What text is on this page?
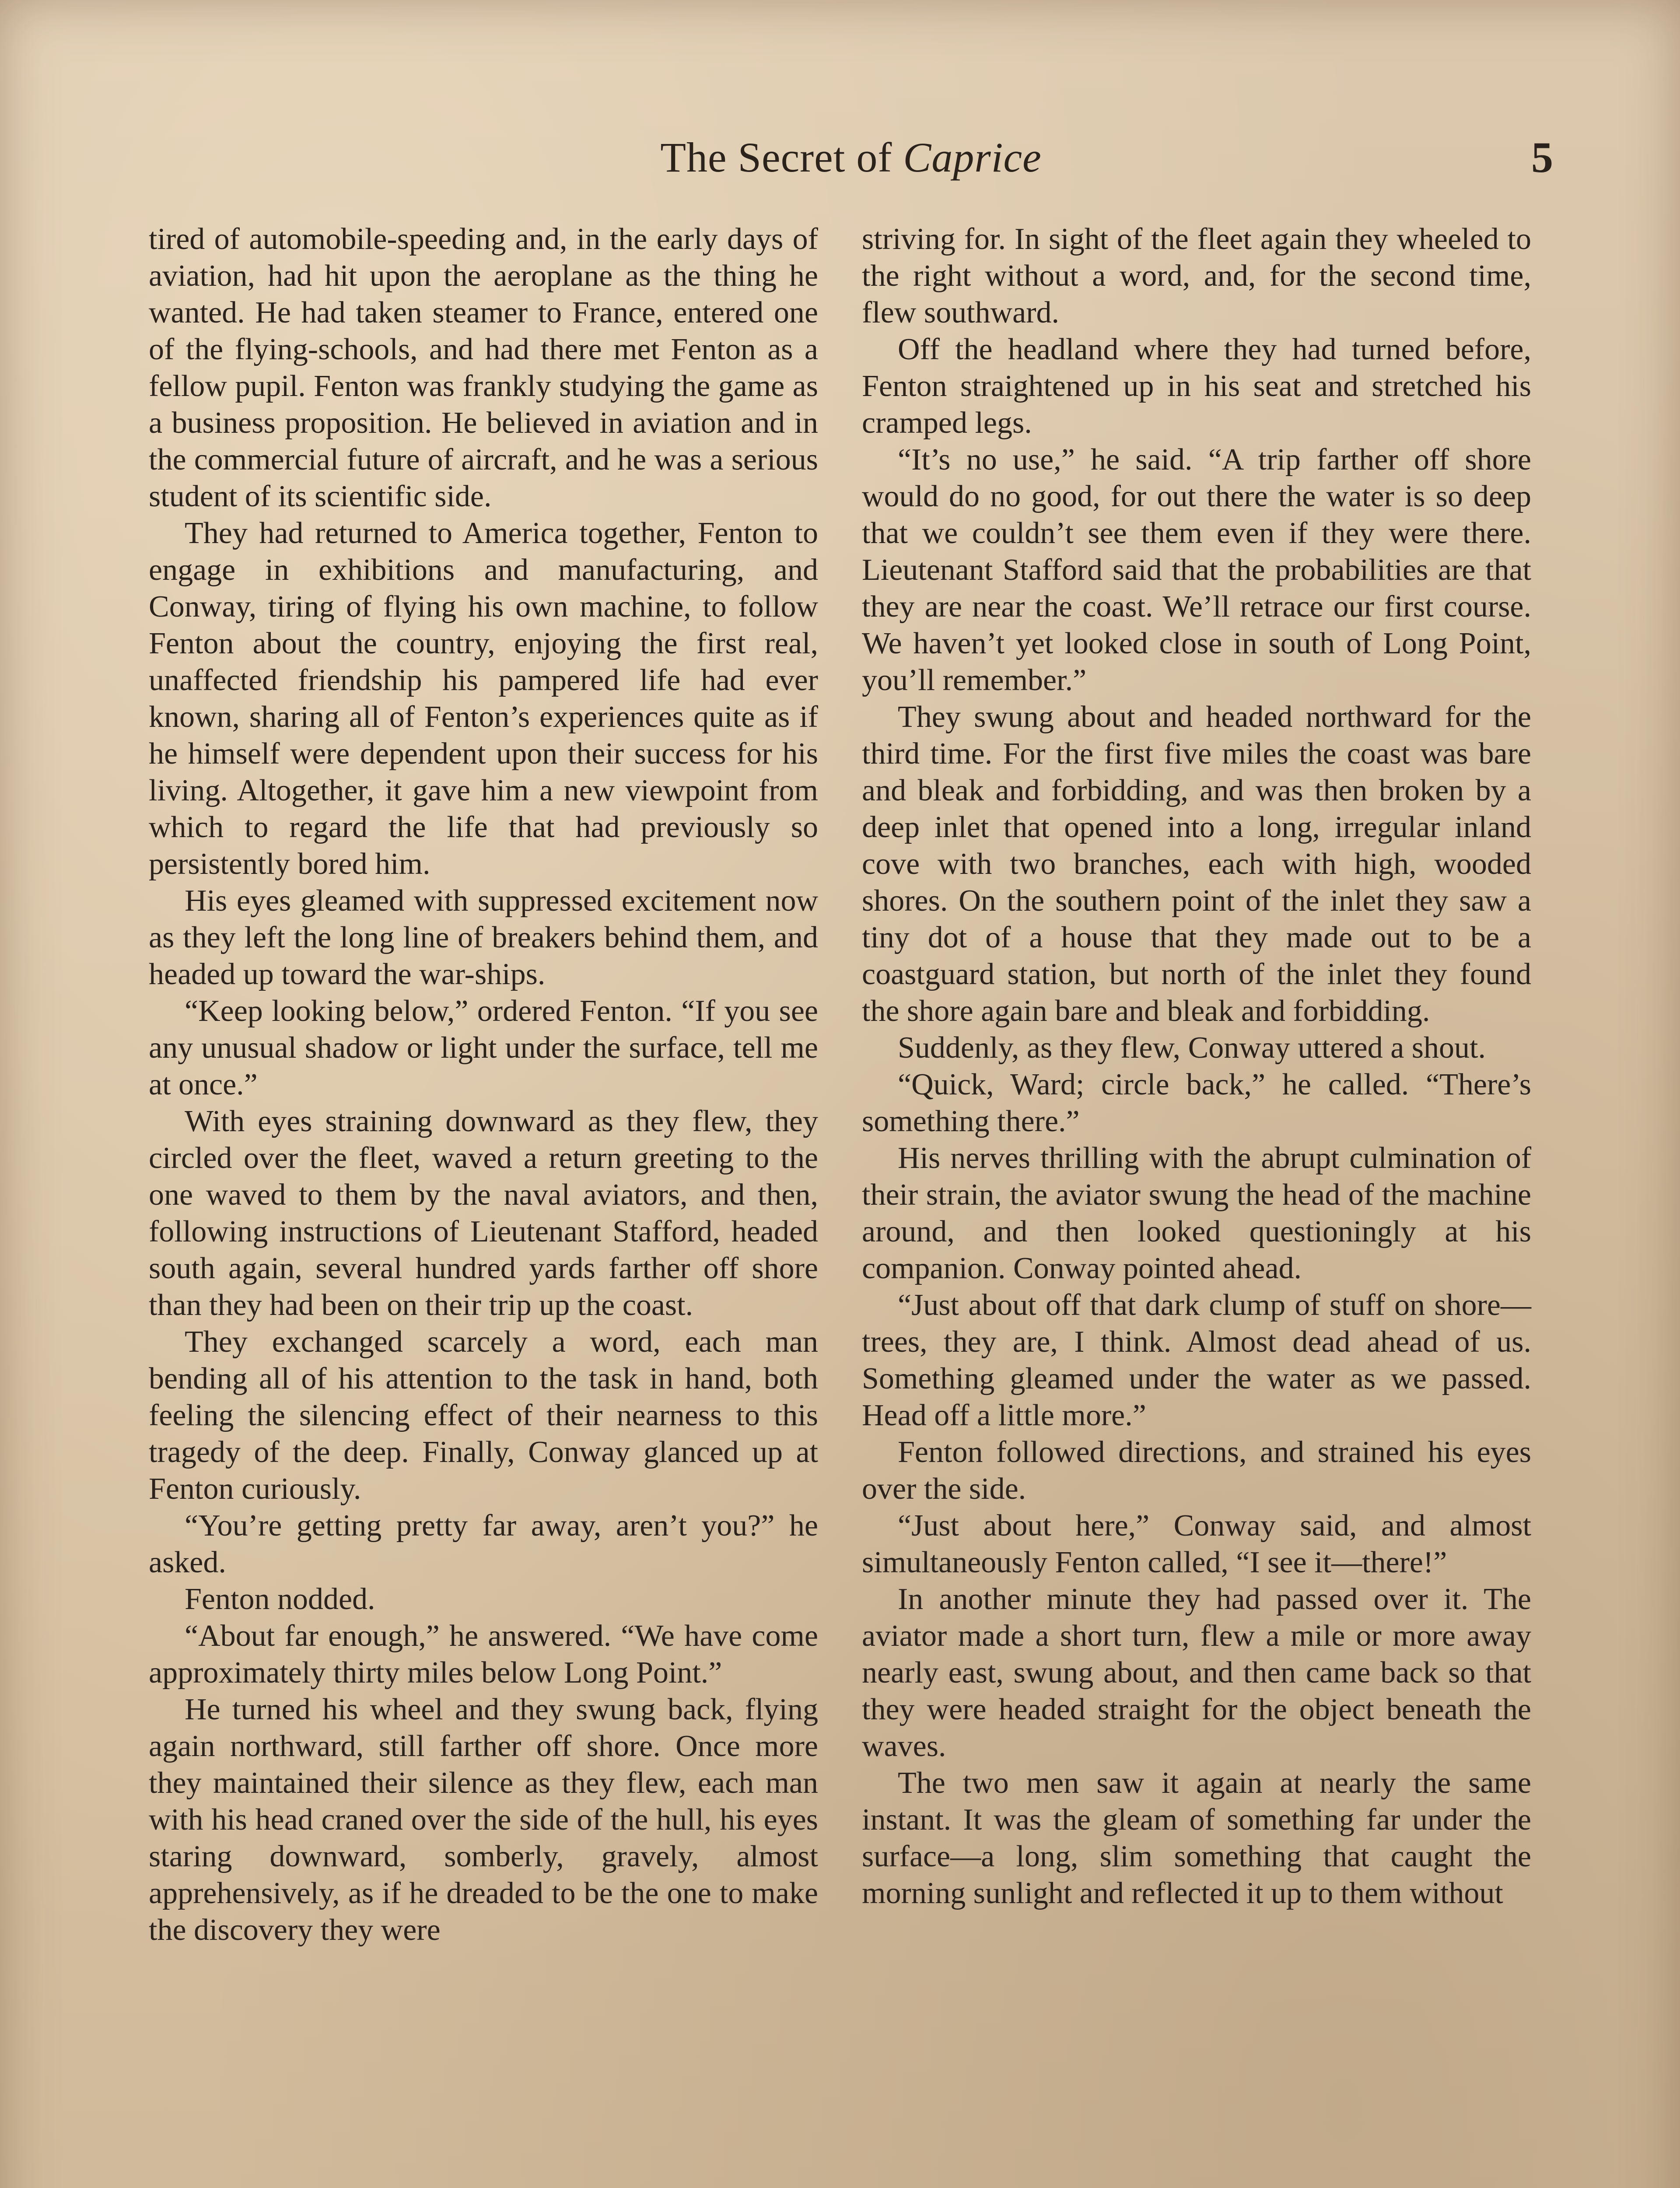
The Secret of Caprice	5

tired of automobile-speeding and, in the early days of aviation, had hit upon the aeroplane as the thing he wanted. He had taken steamer to France, entered one of the flying-schools, and had there met Fenton as a fellow pupil. Fenton was frankly studying the game as a business proposition. He believed in aviation and in the commercial future of aircraft, and he was a serious student of its scientific side.

They had returned to America together, Fenton to engage in exhibitions and manufacturing, and Conway, tiring of flying his own machine, to follow Fenton about the country, enjoying the first real, unaffected friendship his pampered life had ever known, sharing all of Fenton’s experiences quite as if he himself were dependent upon their success for his living. Altogether, it gave him a new viewpoint from which to regard the life that had previously so persistently bored him.

His eyes gleamed with suppressed excitement now as they left the long line of breakers behind them, and headed up toward the war-ships.

“Keep looking below,” ordered Fenton. “If you see any unusual shadow or light under the surface, tell me at once.”

With eyes straining downward as they flew, they circled over the fleet, waved a return greeting to the one waved to them by the naval aviators, and then, following instructions of Lieutenant Stafford, headed south again, several hundred yards farther off shore than they had been on their trip up the coast.

They exchanged scarcely a word, each man bending all of his attention to the task in hand, both feeling the silencing effect of their nearness to this tragedy of the deep. Finally, Conway glanced up at Fenton curiously.

“You’re getting pretty far away, aren’t you?” he asked.

Fenton nodded.

“About far enough,” he answered. “We have come approximately thirty miles below Long Point.”

He turned his wheel and they swung back, flying again northward, still farther off shore. Once more they maintained their silence as they flew, each man with his head craned over the side of the hull, his eyes staring downward, somberly, gravely, almost apprehensively, as if he dreaded to be the one to make the discovery they were

striving for. In sight of the fleet again they wheeled to the right without a word, and, for the second time, flew southward.

Off the headland where they had turned before, Fenton straightened up in his seat and stretched his cramped legs.

“It’s no use,” he said. “A trip farther off shore would do no good, for out there the water is so deep that we couldn’t see them even if they were there. Lieutenant Stafford said that the probabilities are that they are near the coast. We’ll retrace our first course. We haven’t yet looked close in south of Long Point, you’ll remember.”

They swung about and headed northward for the third time. For the first five miles the coast was bare and bleak and forbidding, and was then broken by a deep inlet that opened into a long, irregular inland cove with two branches, each with high, wooded shores. On the southern point of the inlet they saw a tiny dot of a house that they made out to be a coastguard station, but north of the inlet they found the shore again bare and bleak and forbidding.

Suddenly, as they flew, Conway uttered a shout.

“Quick, Ward; circle back,” he called. “There’s something there.”

His nerves thrilling with the abrupt culmination of their strain, the aviator swung the head of the machine around, and then looked questioningly at his companion. Conway pointed ahead.

“Just about off that dark clump of stuff on shore—trees, they are, I think. Almost dead ahead of us. Something gleamed under the water as we passed. Head off a little more.”

Fenton followed directions, and strained his eyes over the side.

“Just about here,” Conway said, and almost simultaneously Fenton called, “I see it—there!”

In another minute they had passed over it. The aviator made a short turn, flew a mile or more away nearly east, swung about, and then came back so that they were headed straight for the object beneath the waves.

The two men saw it again at nearly the same instant. It was the gleam of something far under the surface—a long, slim something that caught the morning sunlight and reflected it up to them without
